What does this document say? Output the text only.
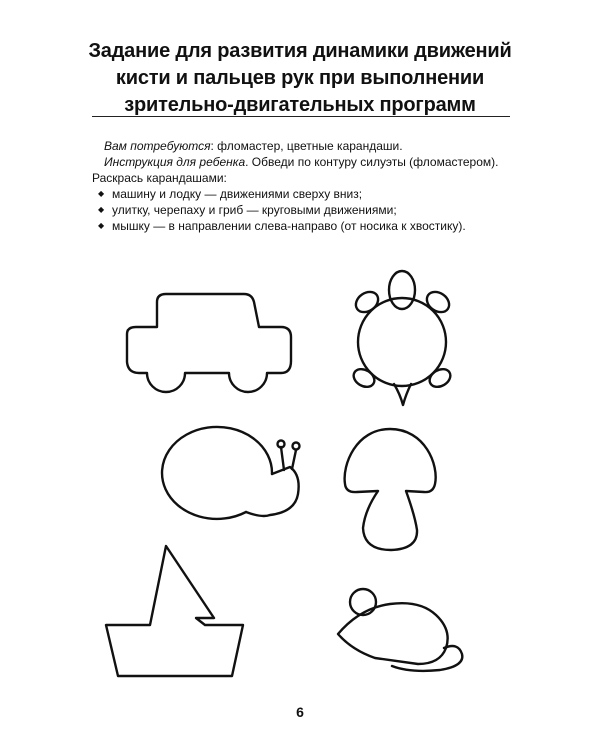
Задание для развития динамики движений
кисти и пальцев рук при выполнении
зрительно-двигательных программ
Вам потребуются: фломастер, цветные карандаши.
Инструкция для ребенка. Обведи по контуру силуэты (фломастером).
Раскрась карандашами:
◆ машину и лодку — движениями сверху вниз;
◆ улитку, черепаху и гриб — круговыми движениями;
◆ мышку — в направлении слева-направо (от носика к хвостику).
6
